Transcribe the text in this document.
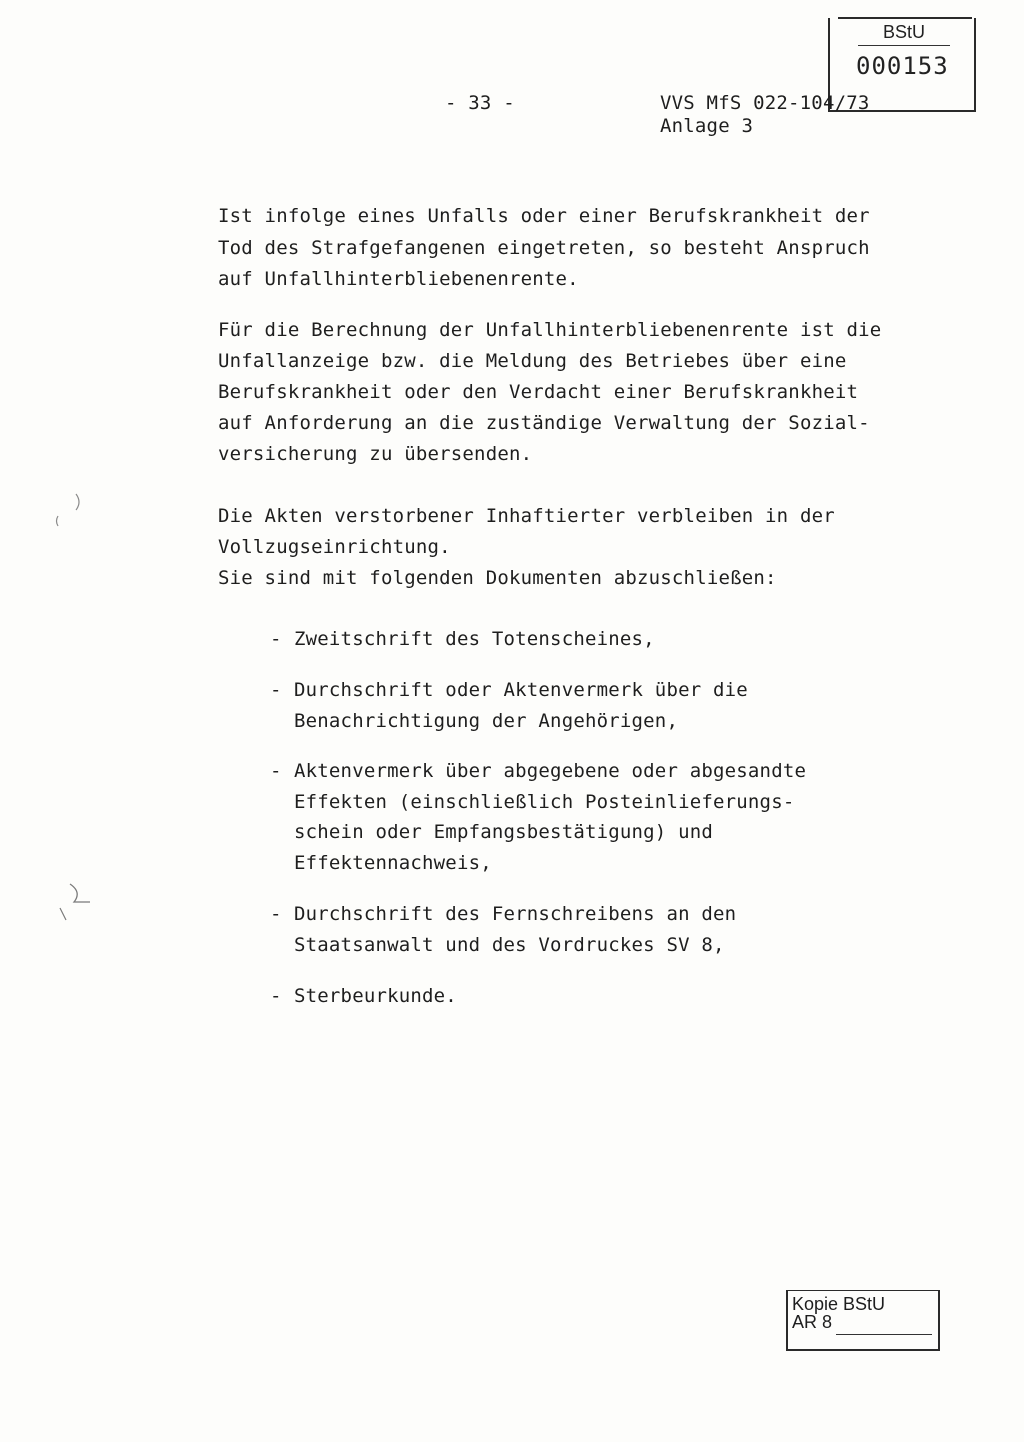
BStU
000153
- 33 -	VVS MfS 022-104/73
Anlage 3
Ist infolge eines Unfalls oder einer Berufskrankheit der
Tod des Strafgefangenen eingetreten, so besteht Anspruch
auf Unfallhinterbliebenenrente.
Für die Berechnung der Unfallhinterbliebenenrente ist die
Unfallanzeige bzw. die Meldung des Betriebes über eine
Berufskrankheit oder den Verdacht einer Berufskrankheit
auf Anforderung an die zuständige Verwaltung der Sozial-
versicherung zu übersenden.
Die Akten verstorbener Inhaftierter verbleiben in der
Vollzugseinrichtung.
Sie sind mit folgenden Dokumenten abzuschließen:
- Zweitschrift des Totenscheines,
- Durchschrift oder Aktenvermerk über die
Benachrichtigung der Angehörigen,
- Aktenvermerk über abgegebene oder abgesandte
Effekten (einschließlich Posteinlieferungs-
schein oder Empfangsbestätigung) und
Effektennachweis,
- Durchschrift des Fernschreibens an den
Staatsanwalt und des Vordruckes SV 8,
- Sterbeurkunde.
Kopie BStU
AR 8
